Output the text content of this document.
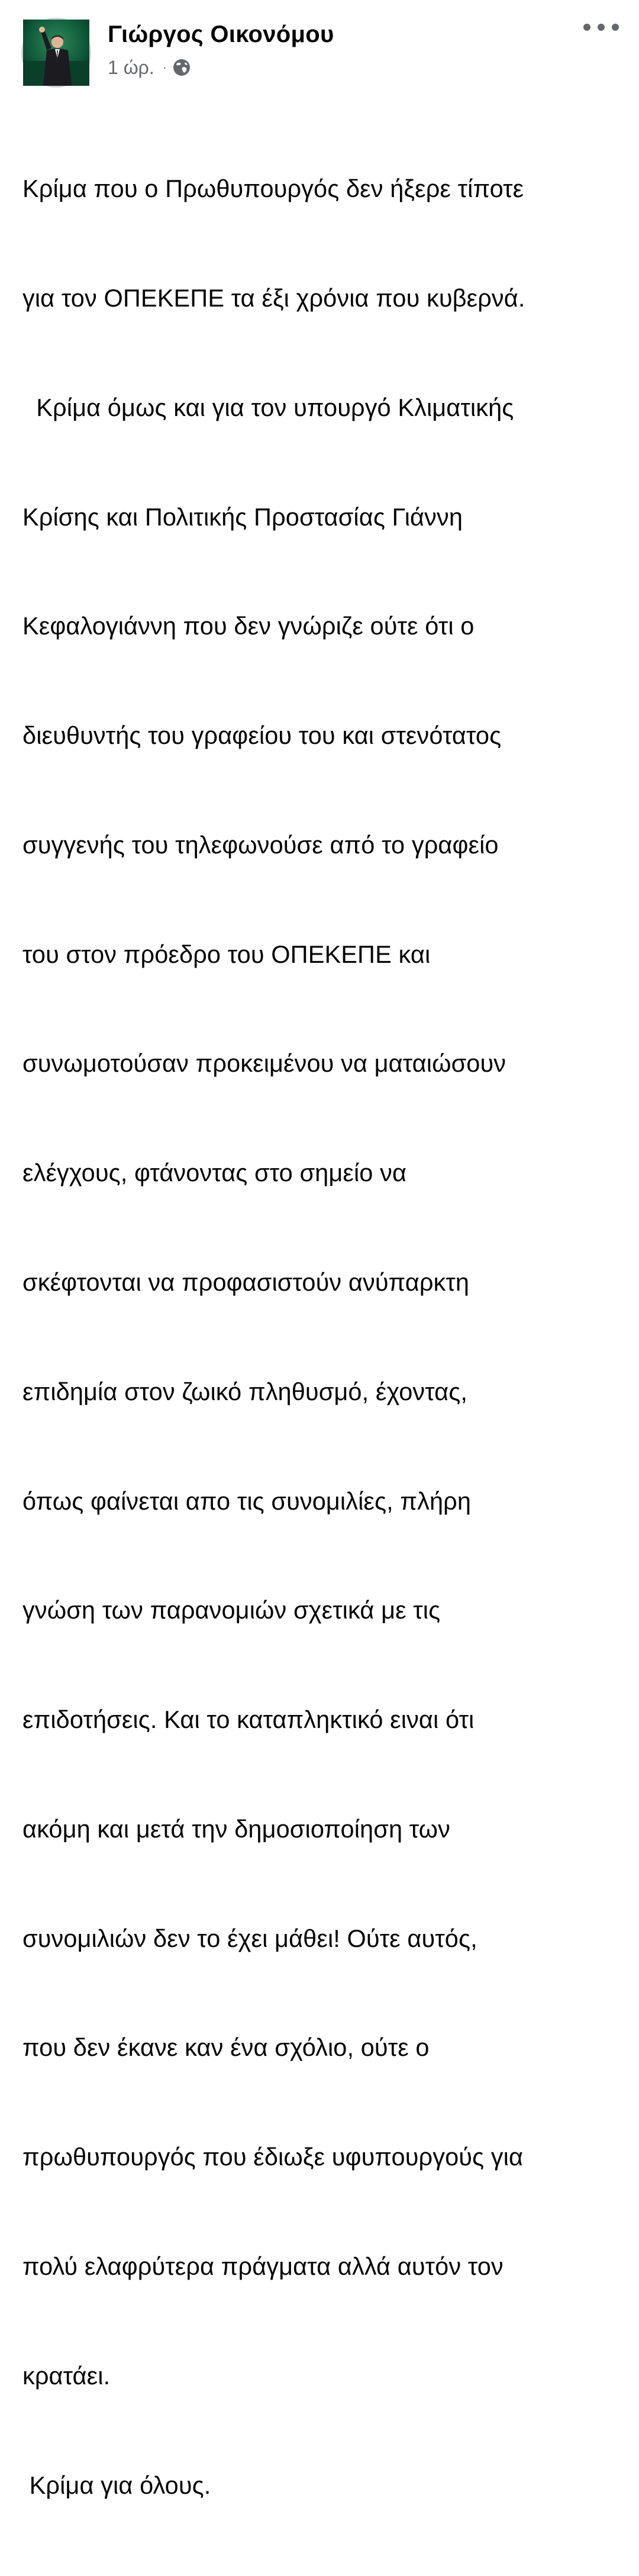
Γιώργος Οικονόμου
1 ώρ. ·

Κρίμα που ο Πρωθυπουργός δεν ήξερε τίποτε

για τον ΟΠΕΚΕΠΕ τα έξι χρόνια που κυβερνά.

Κρίμα όμως και για τον υπουργό Κλιματικής

Κρίσης και Πολιτικής Προστασίας Γιάννη

Κεφαλογιάννη που δεν γνώριζε ούτε ότι ο

διευθυντής του γραφείου του και στενότατος

συγγενής του τηλεφωνούσε από το γραφείο

του στον πρόεδρο του ΟΠΕΚΕΠΕ και

συνωμοτούσαν προκειμένου να ματαιώσουν

ελέγχους, φτάνοντας στο σημείο να

σκέφτονται να προφασιστούν ανύπαρκτη

επιδημία στον ζωικό πληθυσμό, έχοντας,

όπως φαίνεται απο τις συνομιλίες, πλήρη

γνώση των παρανομιών σχετικά με τις

επιδοτήσεις. Και το καταπληκτικό ειναι ότι

ακόμη και μετά την δημοσιοποίηση των

συνομιλιών δεν το έχει μάθει! Ούτε αυτός,

που δεν έκανε καν ένα σχόλιο, ούτε ο

πρωθυπουργός που έδιωξε υφυπουργούς για

πολύ ελαφρύτερα πράγματα αλλά αυτόν τον

κρατάει.

Κρίμα για όλους.
